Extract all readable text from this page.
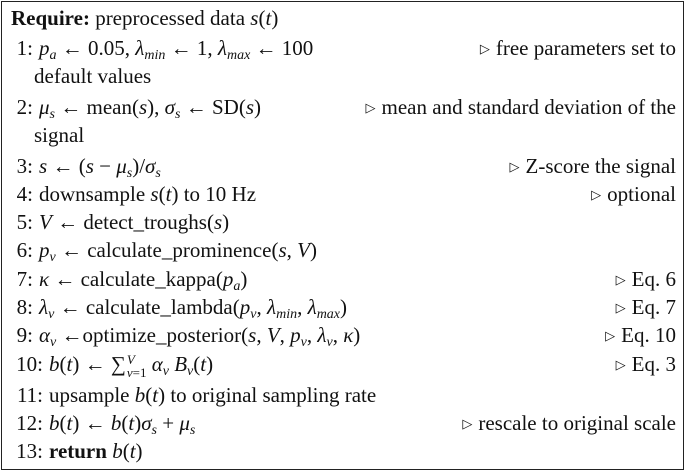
Require: preprocessed data s(t)
1: $p_a$ ← 0.05, $\lambda_{min}$ ← 1, $\lambda_{max}$ ← 100	▷ free parameters set to
default values
2: $\mu_s$ ← mean(s), $\sigma_s$ ← SD(s)	▷ mean and standard deviation of the
signal
3: s ← $(s - \mu_s)/\sigma_s$	▷ Z-score the signal
4: downsample s(t) to 10 Hz	▷ optional
5: V ← detect_troughs(s)
6: $p_\nu$ ← calculate_prominence(s, V)
7: κ ← $calculate\_kappa(p_a)$	▷ Eq. 6
8: $\lambda_\nu$ ← $calculate\_lambda(p_\nu$, $\lambda_{min}$, $\lambda_{max}$)	▷ Eq. 7
9: $\alpha_\nu$ ←optimize_posterior(s, V, $p_\nu$, $\lambda_\nu$, κ)	▷ Eq. 10
10: b(t) ← ∑ V
ν=1 $\alpha_\nu$ $B_\nu(t)$	▷ Eq. 3
11: upsample b(t) to original sampling rate
12: b(t) ← $b(t)\sigma_s + \mu_s$	▷ rescale to original scale
13: return b(t)
